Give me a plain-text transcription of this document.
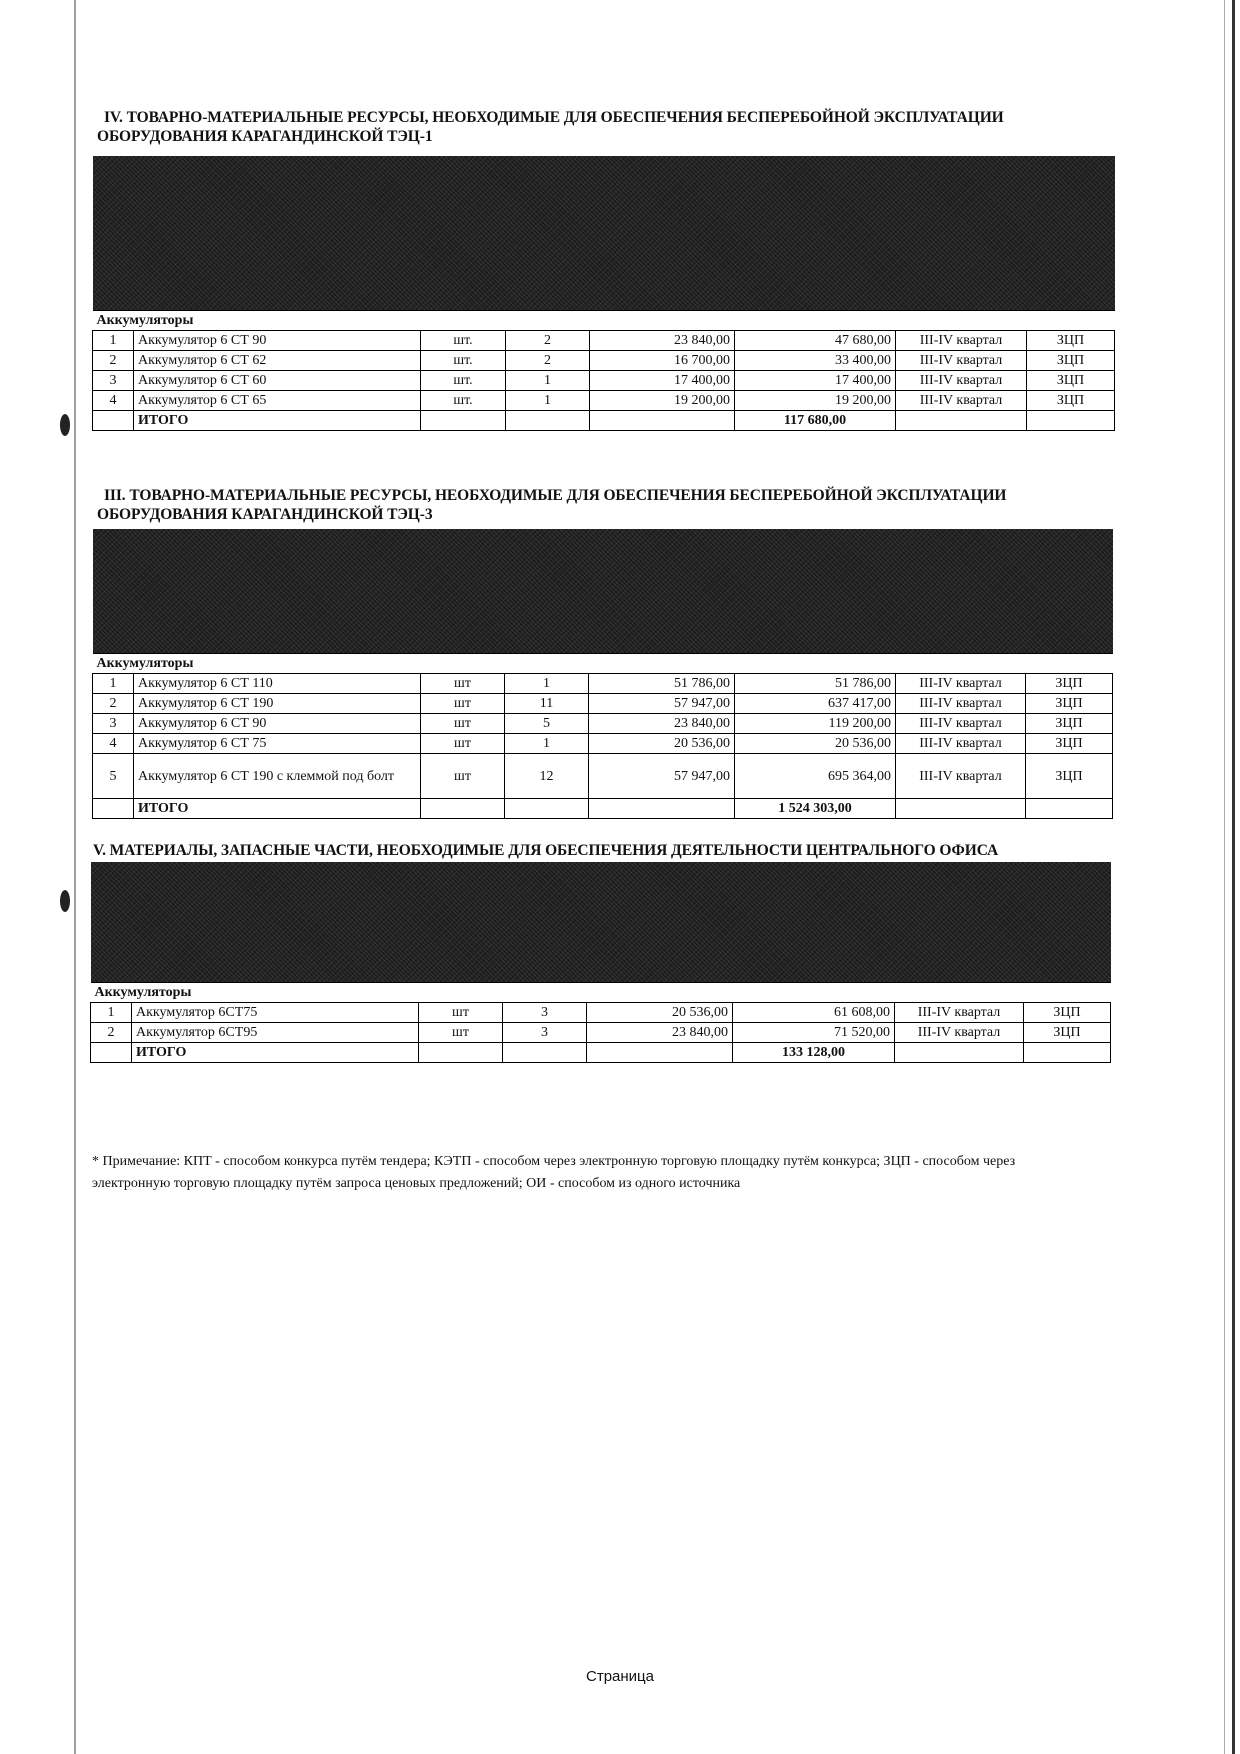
IV. ТОВАРНО-МАТЕРИАЛЬНЫЕ РЕСУРСЫ, НЕОБХОДИМЫЕ ДЛЯ ОБЕСПЕЧЕНИЯ БЕСПЕРЕБОЙНОЙ ЭКСПЛУАТАЦИИ

ОБОРУДОВАНИЯ КАРАГАНДИНСКОЙ ТЭЦ-1

Аккумуляторы							
1	Аккумулятор 6 СТ 90	шт.	2	23 840,00	47 680,00	III-IV квартал	ЗЦП
2	Аккумулятор 6 СТ 62	шт.	2	16 700,00	33 400,00	III-IV квартал	ЗЦП
3	Аккумулятор 6 СТ 60	шт.	1	17 400,00	17 400,00	III-IV квартал	ЗЦП
4	Аккумулятор 6 СТ 65	шт.	1	19 200,00	19 200,00	III-IV квартал	ЗЦП
	ИТОГО				117 680,00		

III. ТОВАРНО-МАТЕРИАЛЬНЫЕ РЕСУРСЫ, НЕОБХОДИМЫЕ ДЛЯ ОБЕСПЕЧЕНИЯ БЕСПЕРЕБОЙНОЙ ЭКСПЛУАТАЦИИ

ОБОРУДОВАНИЯ КАРАГАНДИНСКОЙ ТЭЦ-3

Аккумуляторы							
1	Аккумулятор 6 СТ 110	шт	1	51 786,00	51 786,00	III-IV квартал	ЗЦП
2	Аккумулятор 6 СТ 190	шт	11	57 947,00	637 417,00	III-IV квартал	ЗЦП
3	Аккумулятор 6 СТ 90	шт	5	23 840,00	119 200,00	III-IV квартал	ЗЦП
4	Аккумулятор 6 СТ 75	шт	1	20 536,00	20 536,00	III-IV квартал	ЗЦП
5	Аккумулятор 6 СТ 190 с клеммой под болт	шт	12	57 947,00	695 364,00	III-IV квартал	ЗЦП
	ИТОГО				1 524 303,00		

V. МАТЕРИАЛЫ, ЗАПАСНЫЕ ЧАСТИ, НЕОБХОДИМЫЕ ДЛЯ ОБЕСПЕЧЕНИЯ ДЕЯТЕЛЬНОСТИ ЦЕНТРАЛЬНОГО ОФИСА

Аккумуляторы							
1	Аккумулятор 6СТ75	шт	3	20 536,00	61 608,00	III-IV квартал	ЗЦП
2	Аккумулятор 6СТ95	шт	3	23 840,00	71 520,00	III-IV квартал	ЗЦП
	ИТОГО				133 128,00		

* Примечание: КПТ - способом конкурса путём тендера; КЭТП - способом через электронную торговую площадку путём конкурса; ЗЦП - способом через электронную торговую площадку путём запроса ценовых предложений; ОИ - способом из одного источника

Страница
